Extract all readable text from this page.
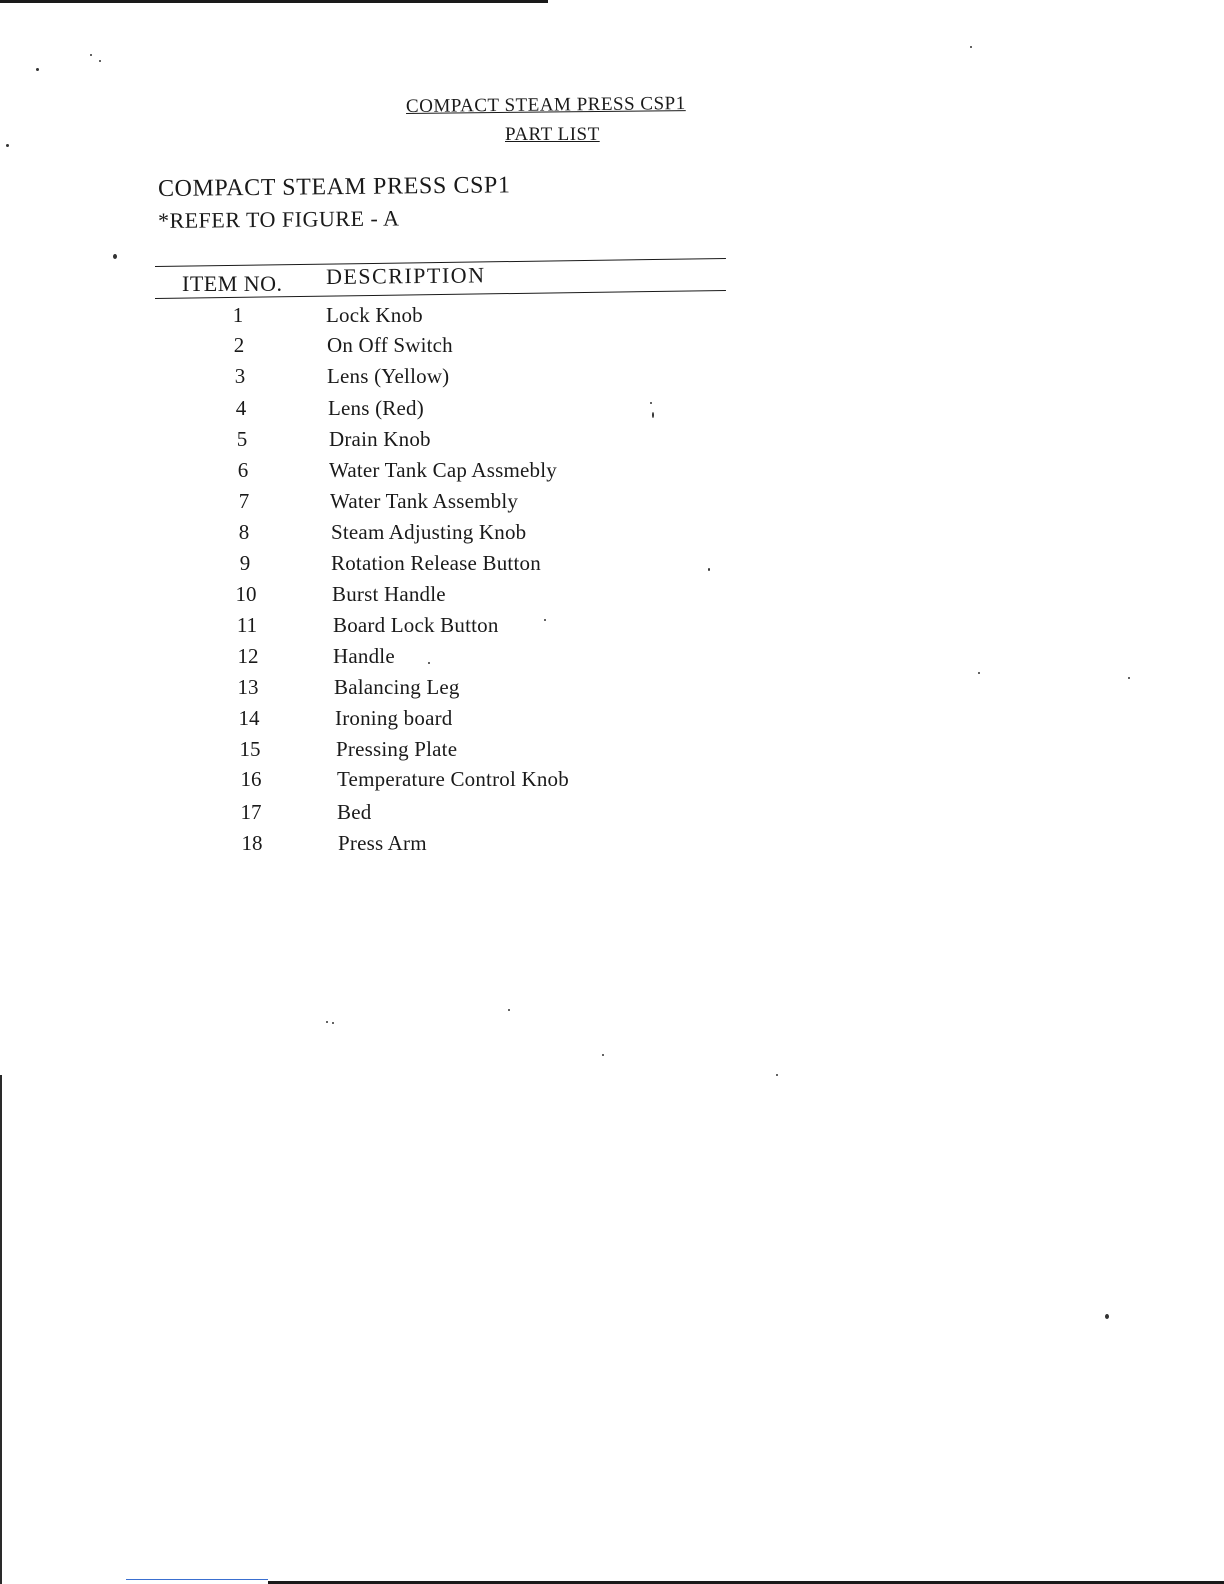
COMPACT STEAM PRESS CSP1
PART LIST
COMPACT STEAM PRESS CSP1
*REFER TO FIGURE - A
ITEM NO. DESCRIPTION
1	Lock Knob
2	On Off Switch
3	Lens (Yellow)
4	Lens (Red)
5	Drain Knob
6	Water Tank Cap Assmebly
7	Water Tank Assembly
8	Steam Adjusting Knob
9	Rotation Release Button
10	Burst Handle
11	Board Lock Button
12	Handle
13	Balancing Leg
14	Ironing board
15	Pressing Plate
16	Temperature Control Knob
17	Bed
18	Press Arm
